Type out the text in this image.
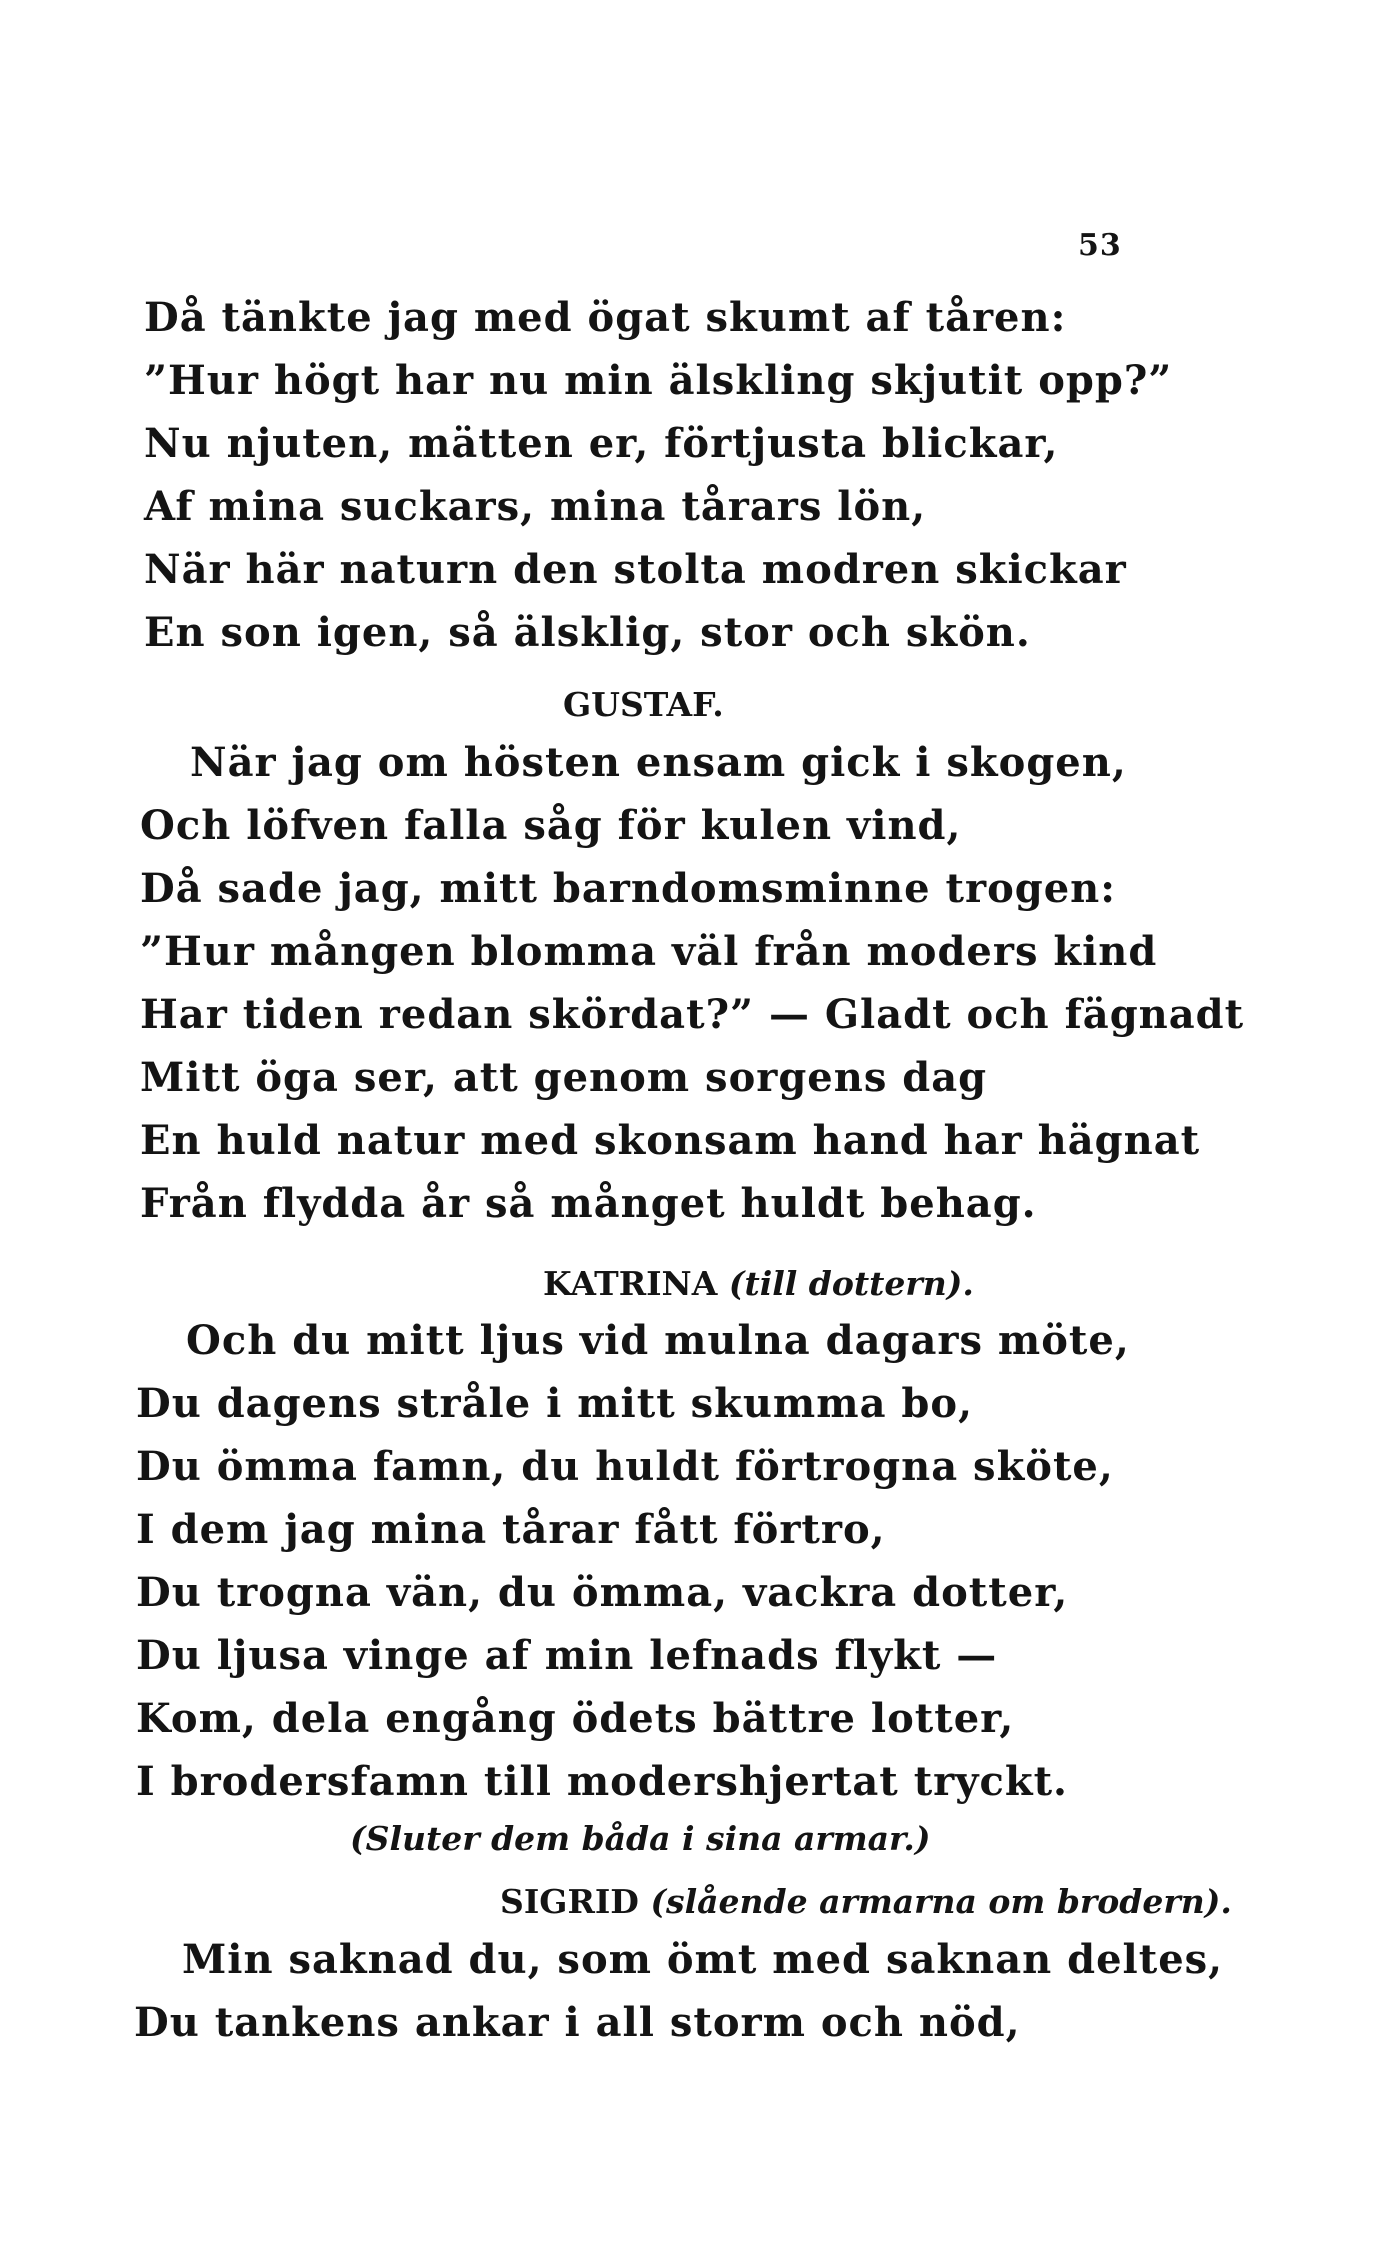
53
Då tänkte jag med ögat skumt af tåren:
”Hur högt har nu min älskling skjutit opp?”
Nu njuten, mätten er, förtjusta blickar,
Af mina suckars, mina tårars lön,
När här naturn den stolta modren skickar
En son igen, så älsklig, stor och skön.
GUSTAF.
När jag om hösten ensam gick i skogen,
Och löfven falla såg för kulen vind,
Då sade jag, mitt barndomsminne trogen:
”Hur mången blomma väl från moders kind
Har tiden redan skördat?” — Gladt och fägnadt
Mitt öga ser, att genom sorgens dag
En huld natur med skonsam hand har hägnat
Från flydda år så månget huldt behag.
KATRINA (till dottern).
Och du mitt ljus vid mulna dagars möte,
Du dagens stråle i mitt skumma bo,
Du ömma famn, du huldt förtrogna sköte,
I dem jag mina tårar fått förtro,
Du trogna vän, du ömma, vackra dotter,
Du ljusa vinge af min lefnads flykt —
Kom, dela engång ödets bättre lotter,
I brodersfamn till modershjertat tryckt.
(Sluter dem båda i sina armar.)
SIGRID (slående armarna om brodern).
Min saknad du, som ömt med saknan deltes,
Du tankens ankar i all storm och nöd,
